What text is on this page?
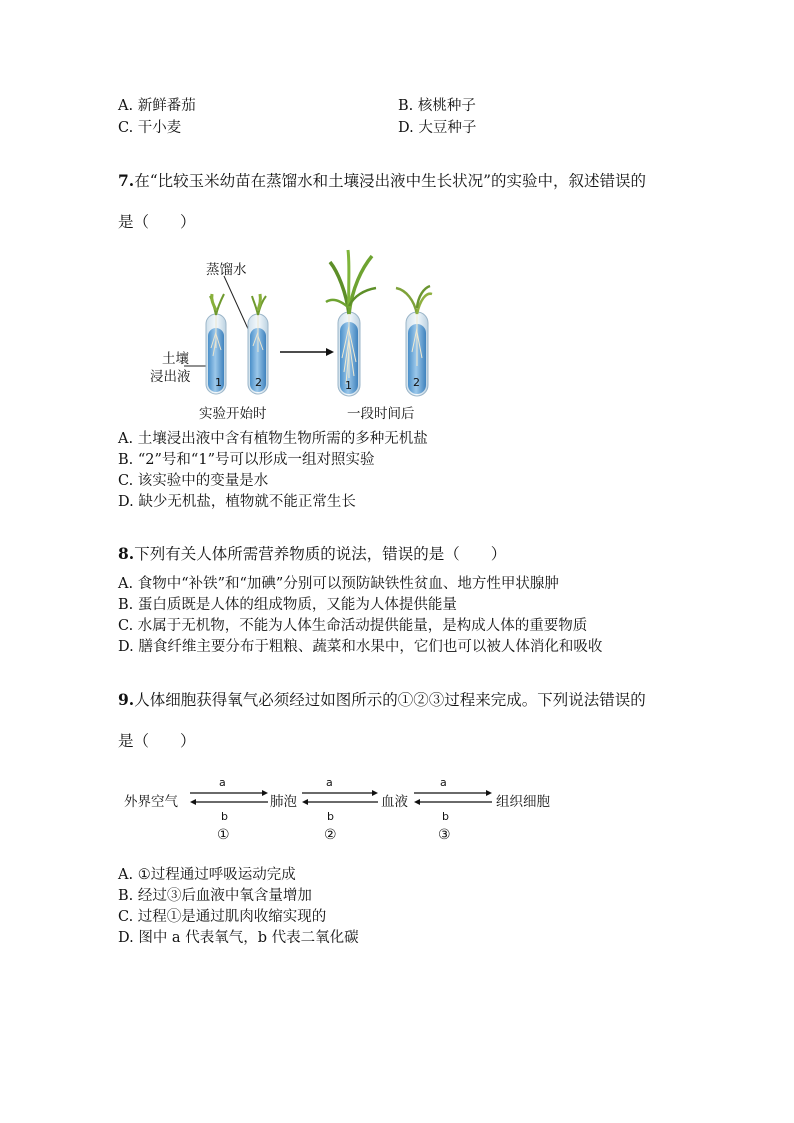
A. 新鲜番茄	B. 核桃种子
C. 干小麦	D. 大豆种子
7.在“比较玉米幼苗在蒸馏水和土壤浸出液中生长状况”的实验中，叙述错误的
是（　　）
蒸馏水
土壤
浸出液 1	2	1	2
实验开始时	一段时间后
A. 土壤浸出液中含有植物生物所需的多种无机盐
B. “2”号和“1”号可以形成一组对照实验
C. 该实验中的变量是水
D. 缺少无机盐，植物就不能正常生长
8.下列有关人体所需营养物质的说法，错误的是（　　）
A. 食物中“补铁”和“加碘”分别可以预防缺铁性贫血、地方性甲状腺肿
B. 蛋白质既是人体的组成物质，又能为人体提供能量
C. 水属于无机物，不能为人体生命活动提供能量，是构成人体的重要物质
D. 膳食纤维主要分布于粗粮、蔬菜和水果中，它们也可以被人体消化和吸收
9.人体细胞获得氧气必须经过如图所示的①②③过程来完成。下列说法错误的
是（　　）
外界空气	肺泡	血液	组织细胞
a	a	a
b	b	b
①	②	③
A. ①过程通过呼吸运动完成
B. 经过③后血液中氧含量增加
C. 过程①是通过肌肉收缩实现的
D. 图中 a 代表氧气，b 代表二氧化碳
